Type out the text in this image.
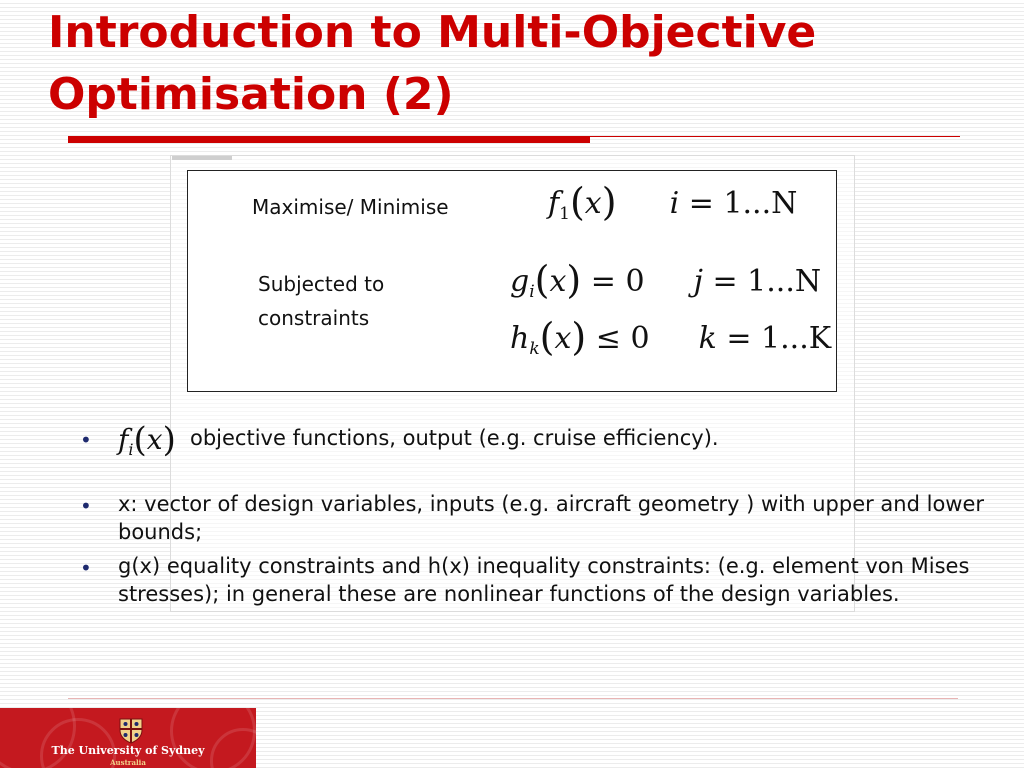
Introduction to Multi-Objective
Optimisation (2)
Maximise/ Minimise	$f_1(x) i = 1...N$
Subjected to
constraints
$g_i(x) = 0$ j = 1...N
$h_k(x) \le 0$ k = 1...K
• $f_i(x)$ objective functions, output (e.g. cruise efficiency).
• x: vector of design variables, inputs (e.g. aircraft geometry ) with upper and lower bounds;
• g(x) equality constraints and h(x) inequality constraints: (e.g. element von Mises stresses); in general these are nonlinear functions of the design variables.
The University of Sydney
Australia
